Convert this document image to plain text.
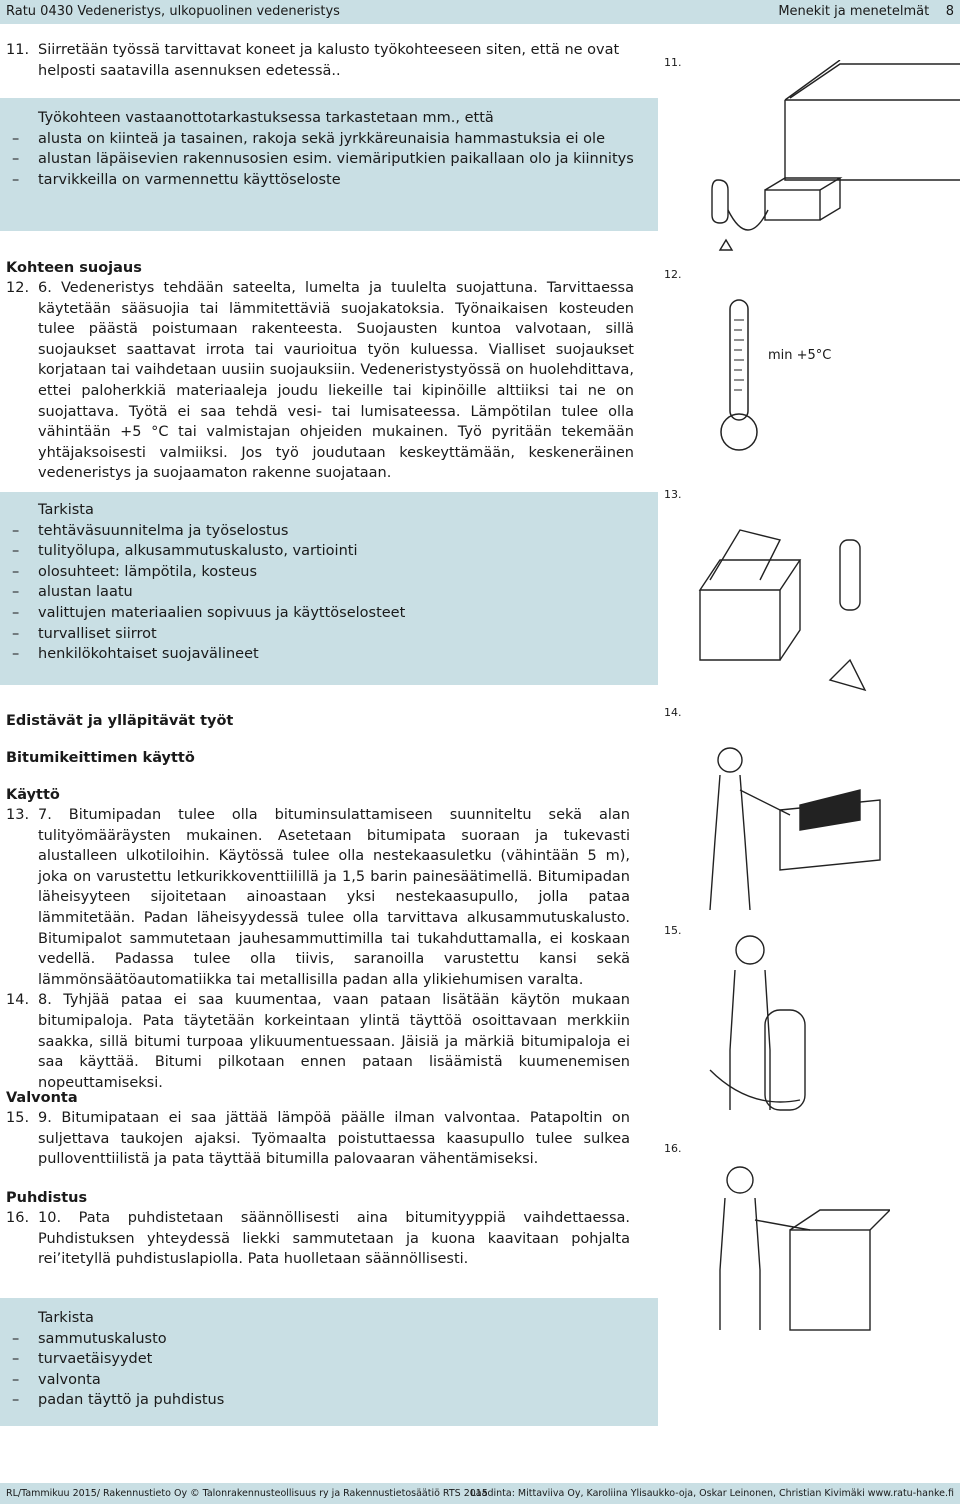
Ratu 0430 Vedeneristys, ulkopuolinen vedeneristys	Menekit ja menetelmät 8
11. Siirretään työssä tarvittavat koneet ja kalusto työkohteeseen siten, että ne ovat helposti saatavilla asennuksen edetessä..
Työkohteen vastaanottotarkastuksessa tarkastetaan mm., että
– alusta on kiinteä ja tasainen, rakoja sekä jyrkkäreunaisia hammastuksia ei ole
– alustan läpäisevien rakennusosien esim. viemäriputkien paikallaan olo ja kiinnitys
– tarvikkeilla on varmennettu käyttöseloste
Kohteen suojaus
12. 6. Vedeneristys tehdään sateelta, lumelta ja tuulelta suojattuna. Tarvittaessa käytetään sääsuojia tai lämmitettäviä suojakatoksia. Työnaikaisen kosteuden tulee päästä poistumaan rakenteesta. Suojausten kuntoa valvotaan, sillä suojaukset saattavat irrota tai vaurioitua työn kuluessa. Vialliset suojaukset korjataan tai vaihdetaan uusiin suojauksiin. Vedeneristystyössä on huolehdittava, ettei paloherkkiä materiaaleja joudu liekeille tai kipinöille alttiiksi tai ne on suojattava. Työtä ei saa tehdä vesi- tai lumisateessa. Lämpötilan tulee olla vähintään +5 °C tai valmistajan ohjeiden mukainen. Työ pyritään tekemään yhtäjaksoisesti valmiiksi. Jos työ joudutaan keskeyttämään, keskeneräinen vedeneristys ja suojaamaton rakenne suojataan.
Tarkista
– tehtäväsuunnitelma ja työselostus
– tulityölupa, alkusammutuskalusto, vartiointi
– olosuhteet: lämpötila, kosteus
– alustan laatu
– valittujen materiaalien sopivuus ja käyttöselosteet
– turvalliset siirrot
– henkilökohtaiset suojavälineet
Edistävät ja ylläpitävät työt
Bitumikeittimen käyttö
Käyttö
13. 7. Bitumipadan tulee olla bituminsulattamiseen suunniteltu sekä alan tulityömääräysten mukainen. Asetetaan bitumipata suoraan ja tukevasti alustalleen ulkotiloihin. Käytössä tulee olla nestekaasuletku (vähintään 5 m), joka on varustettu letkurikkoventtiilillä ja 1,5 barin painesäätimellä. Bitumipadan läheisyyteen sijoitetaan ainoastaan yksi nestekaasupullo, jolla pataa lämmitetään. Padan läheisyydessä tulee olla tarvittava alkusammutuskalusto. Bitumipalot sammutetaan jauhesammuttimilla tai tukahduttamalla, ei koskaan vedellä. Padassa tulee olla tiivis, saranoilla varustettu kansi sekä lämmönsäätöautomatiikka tai metallisilla padan alla ylikiehumisen varalta.
14. 8. Tyhjää pataa ei saa kuumentaa, vaan pataan lisätään käytön mukaan bitumipaloja. Pata täytetään korkeintaan ylintä täyttöä osoittavaan merkkiin saakka, sillä bitumi turpoaa ylikuumentuessaan. Jäisiä ja märkiä bitumipaloja ei saa käyttää. Bitumi pilkotaan ennen pataan lisäämistä kuumenemisen nopeuttamiseksi.
Valvonta
15. 9. Bitumipataan ei saa jättää lämpöä päälle ilman valvontaa. Patapoltin on suljettava taukojen ajaksi. Työmaalta poistuttaessa kaasupullo tulee sulkea pulloventtiilistä ja pata täyttää bitumilla palovaaran vähentämiseksi.
Puhdistus
16. 10. Pata puhdistetaan säännöllisesti aina bitumityyppiä vaihdettaessa. Puhdistuksen yhteydessä liekki sammutetaan ja kuona kaavitaan pohjalta rei’itetyllä puhdistuslapiolla. Pata huolletaan säännöllisesti.
Tarkista
– sammutuskalusto
– turvaetäisyydet
– valvonta
– padan täyttö ja puhdistus
11.
12.
min +5°C
13.
14.
15.
16.
RL/Tammikuu 2015/ Rakennustieto Oy © Talonrakennusteollisuus ry ja Rakennustietosäätiö RTS 2015
Laadinta: Mittaviiva Oy, Karoliina Ylisaukko-oja, Oskar Leinonen, Christian Kivimäki www.ratu-hanke.fi
